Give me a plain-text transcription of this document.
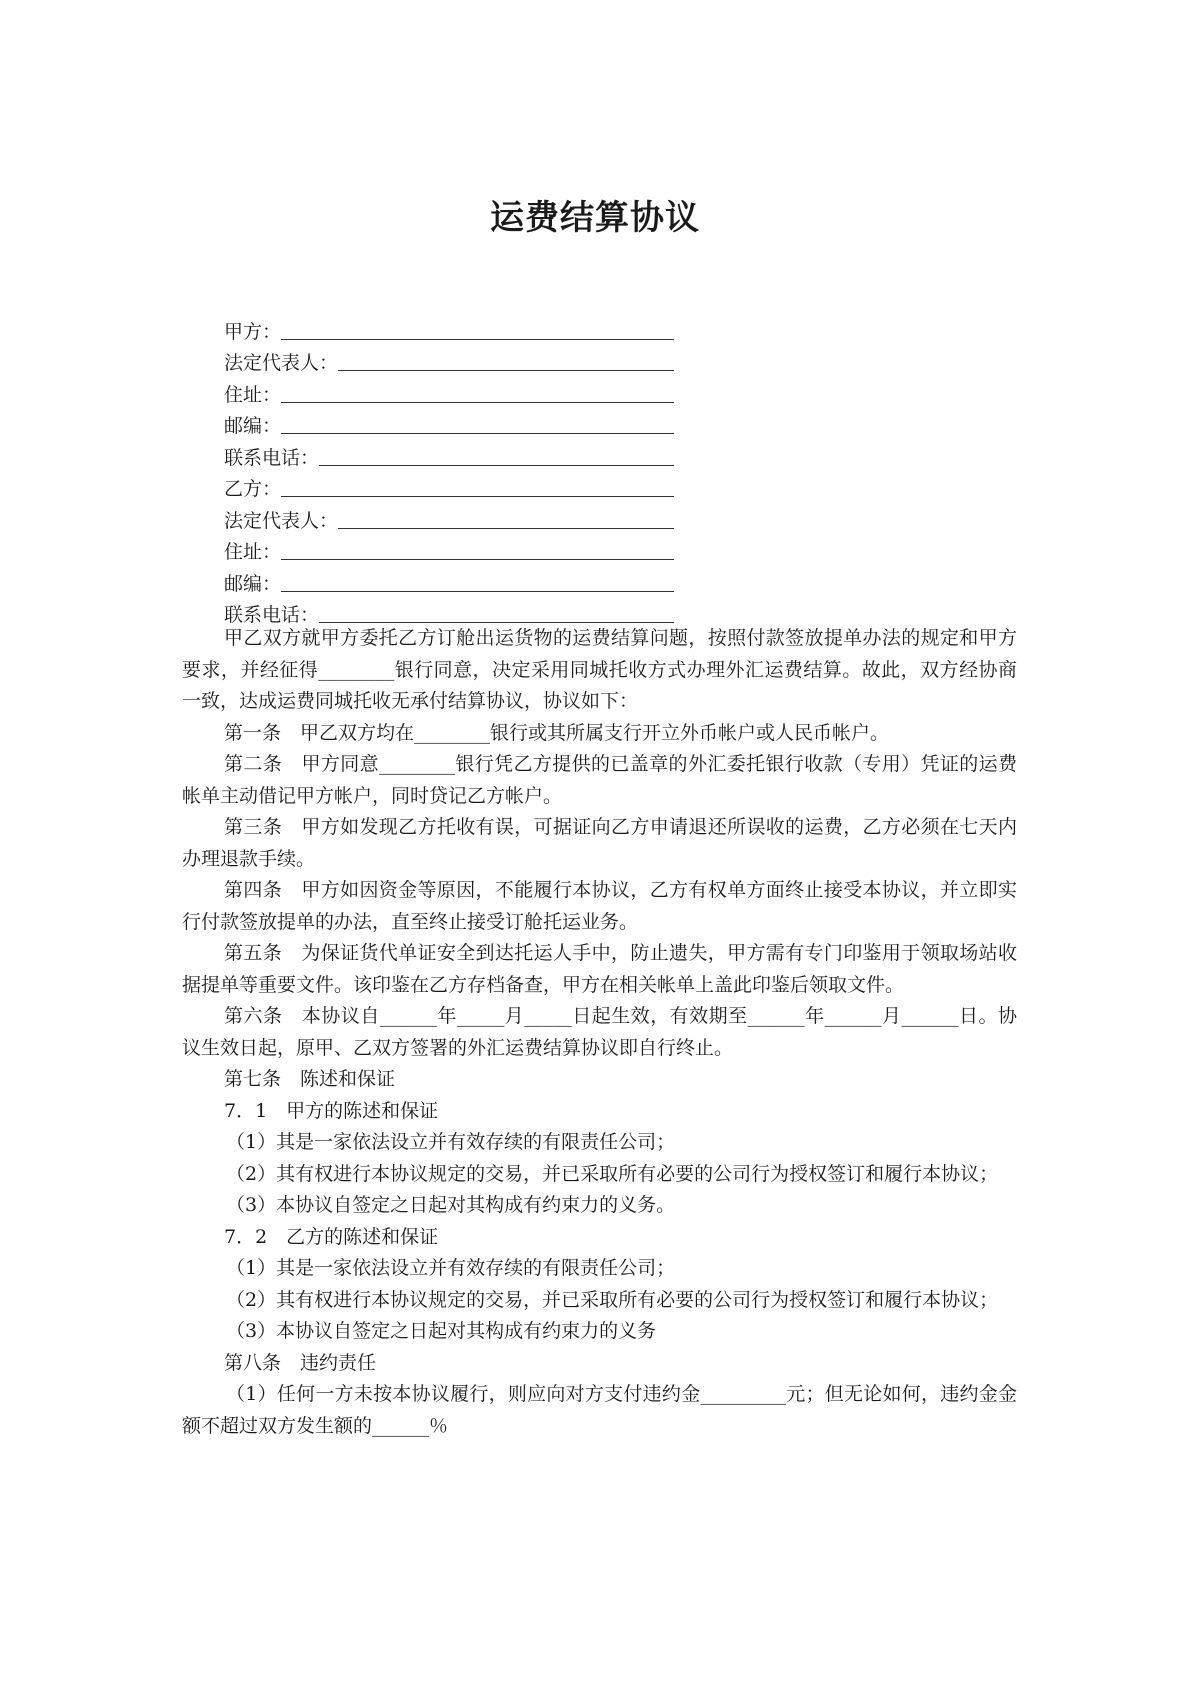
运费结算协议
甲方：
法定代表人：
住址：
邮编：
联系电话：
乙方：
法定代表人：
住址：
邮编：
联系电话：

甲乙双方就甲方委托乙方订舱出运货物的运费结算问题，按照付款签放提单办法的规定和甲方要求，并经征得________银行同意，决定采用同城托收方式办理外汇运费结算。故此，双方经协商一致，达成运费同城托收无承付结算协议，协议如下：

第一条　甲乙双方均在________银行或其所属支行开立外币帐户或人民币帐户。

第二条　甲方同意________银行凭乙方提供的已盖章的外汇委托银行收款（专用）凭证的运费帐单主动借记甲方帐户，同时贷记乙方帐户。

第三条　甲方如发现乙方托收有误，可据证向乙方申请退还所误收的运费，乙方必须在七天内办理退款手续。

第四条　甲方如因资金等原因，不能履行本协议，乙方有权单方面终止接受本协议，并立即实行付款签放提单的办法，直至终止接受订舱托运业务。

第五条　为保证货代单证安全到达托运人手中，防止遗失，甲方需有专门印鉴用于领取场站收据提单等重要文件。该印鉴在乙方存档备查，甲方在相关帐单上盖此印鉴后领取文件。

第六条　本协议自______年_____月_____日起生效，有效期至______年______月______日。协议生效日起，原甲、乙双方签署的外汇运费结算协议即自行终止。

第七条　陈述和保证

7．1　甲方的陈述和保证

（1）其是一家依法设立并有效存续的有限责任公司；

（2）其有权进行本协议规定的交易，并已采取所有必要的公司行为授权签订和履行本协议；

（3）本协议自签定之日起对其构成有约束力的义务。

7．2　乙方的陈述和保证

（1）其是一家依法设立并有效存续的有限责任公司；

（2）其有权进行本协议规定的交易，并已采取所有必要的公司行为授权签订和履行本协议；

（3）本协议自签定之日起对其构成有约束力的义务

第八条　违约责任

（1）任何一方未按本协议履行，则应向对方支付违约金_________元；但无论如何，违约金金额不超过双方发生额的______％
